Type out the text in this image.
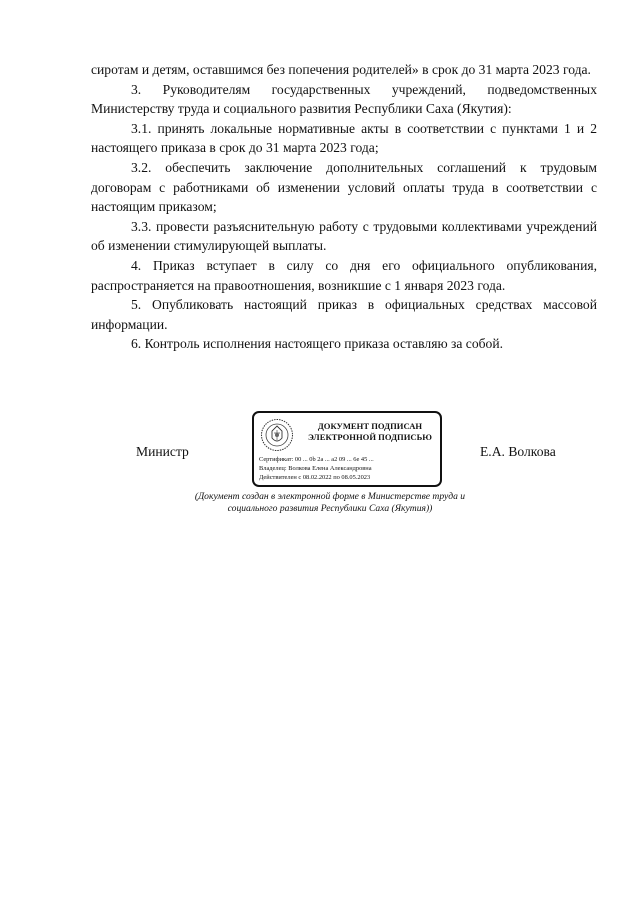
сиротам и детям, оставшимся без попечения родителей» в срок до 31 марта 2023 года.

3. Руководителям государственных учреждений, подведомственных Министерству труда и социального развития Республики Саха (Якутия):

3.1. принять локальные нормативные акты в соответствии с пунктами 1 и 2 настоящего приказа в срок до 31 марта 2023 года;

3.2. обеспечить заключение дополнительных соглашений к трудовым договорам с работниками об изменении условий оплаты труда в соответствии с настоящим приказом;

3.3. провести разъяснительную работу с трудовыми коллективами учреждений об изменении стимулирующей выплаты.

4. Приказ вступает в силу со дня его официального опубликования, распространяется на правоотношения, возникшие с 1 января 2023 года.

5. Опубликовать настоящий приказ в официальных средствах массовой информации.

6. Контроль исполнения настоящего приказа оставляю за собой.

Министр	Е.А. Волкова
ДОКУМЕНТ ПОДПИСАН
ЭЛЕКТРОННОЙ ПОДПИСЬЮ
Сертификат: 00 ... 0b 2a ... a2 09 ... 6e 45 ...
Владелец: Волкова Елена Александровна
Действителен с 08.02.2022 по 08.05.2023
(Документ создан в электронной форме в Министерстве труда и
социального развития Республики Саха (Якутия))
